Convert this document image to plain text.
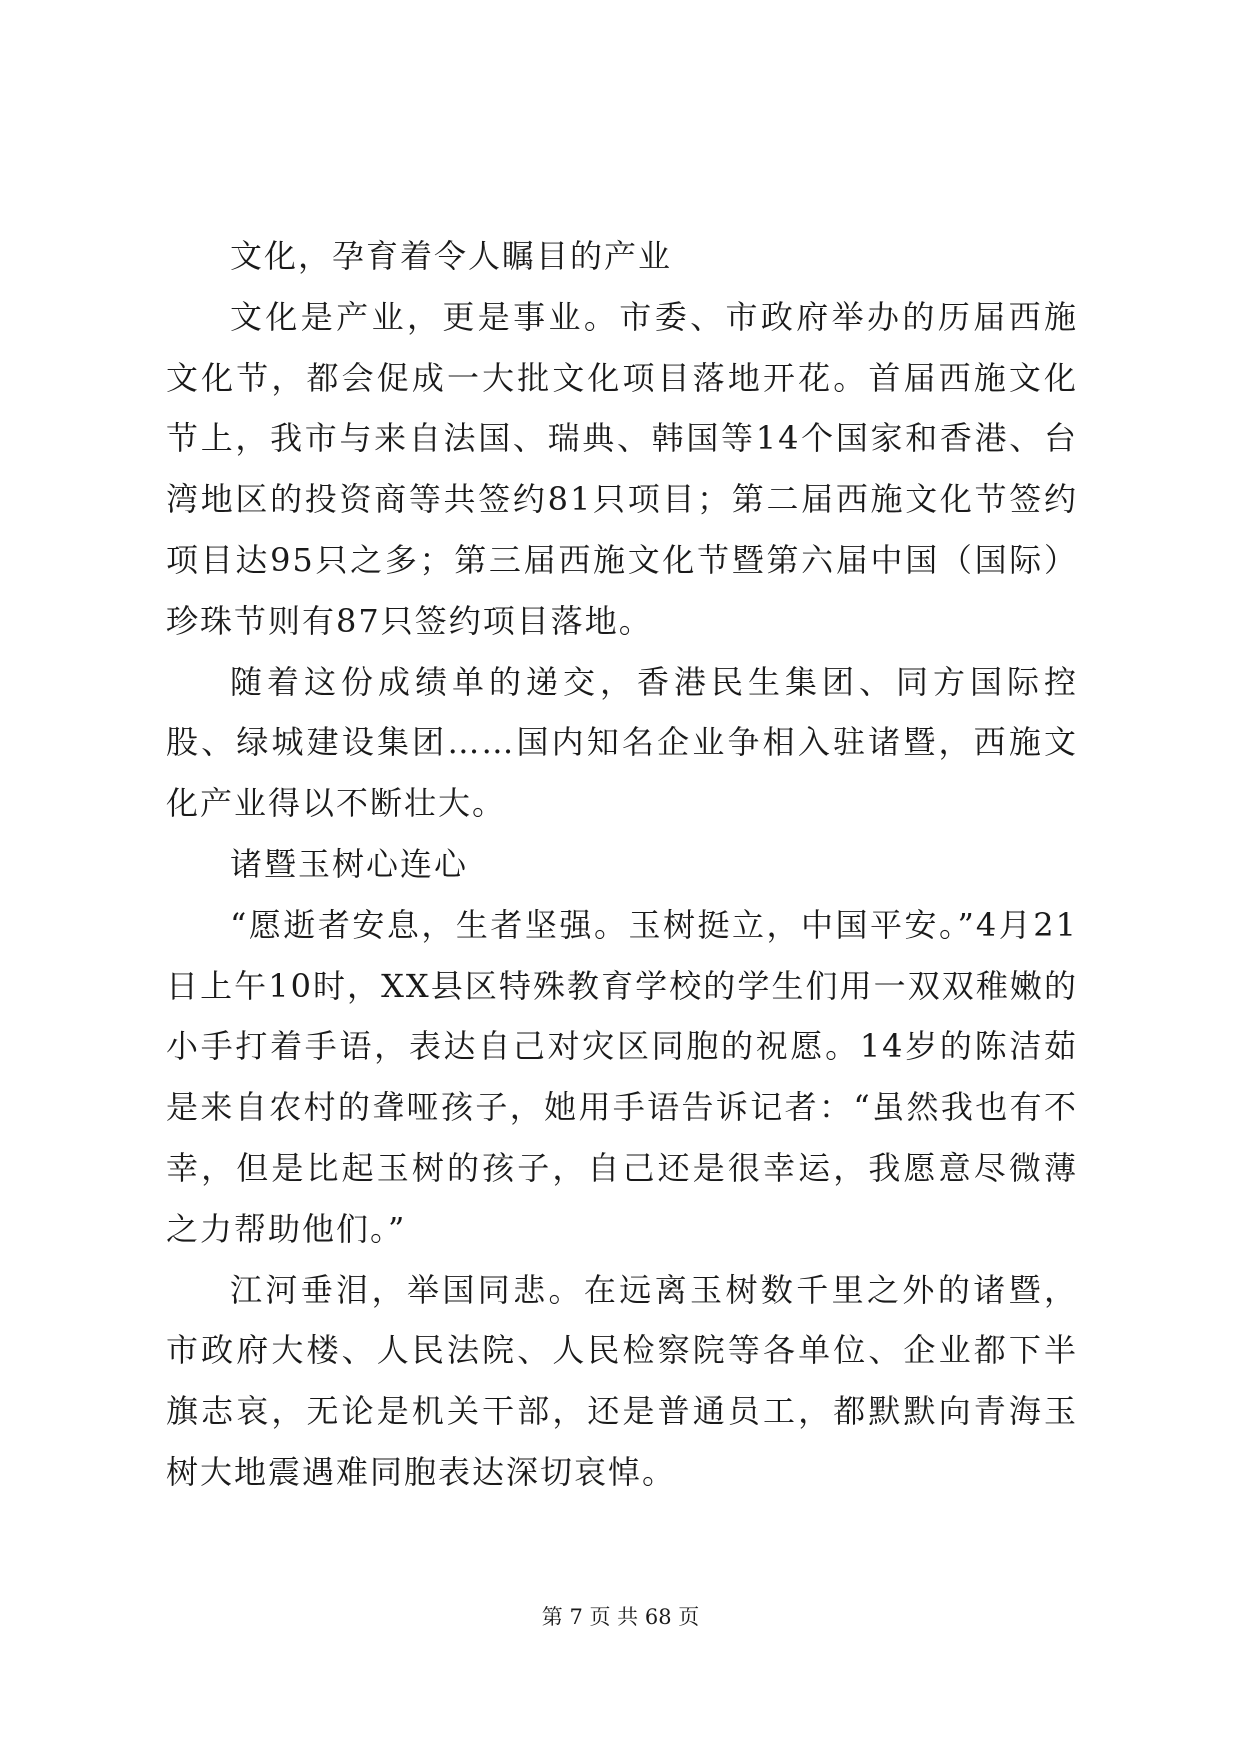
文化，孕育着令人瞩目的产业

文化是产业，更是事业。市委、市政府举办的历届西施文化节，都会促成一大批文化项目落地开花。首届西施文化节上，我市与来自法国、瑞典、韩国等14个国家和香港、台湾地区的投资商等共签约81只项目；第二届西施文化节签约项目达95只之多；第三届西施文化节暨第六届中国（国际）珍珠节则有87只签约项目落地。

随着这份成绩单的递交，香港民生集团、同方国际控股、绿城建设集团……国内知名企业争相入驻诸暨，西施文化产业得以不断壮大。

诸暨玉树心连心

“愿逝者安息，生者坚强。玉树挺立，中国平安。”4月21日上午10时，XX县区特殊教育学校的学生们用一双双稚嫩的小手打着手语，表达自己对灾区同胞的祝愿。14岁的陈洁茹是来自农村的聋哑孩子，她用手语告诉记者：“虽然我也有不幸，但是比起玉树的孩子，自己还是很幸运，我愿意尽微薄之力帮助他们。”

江河垂泪，举国同悲。在远离玉树数千里之外的诸暨，市政府大楼、人民法院、人民检察院等各单位、企业都下半旗志哀，无论是机关干部，还是普通员工，都默默向青海玉树大地震遇难同胞表达深切哀悼。

第 7 页 共 68 页
